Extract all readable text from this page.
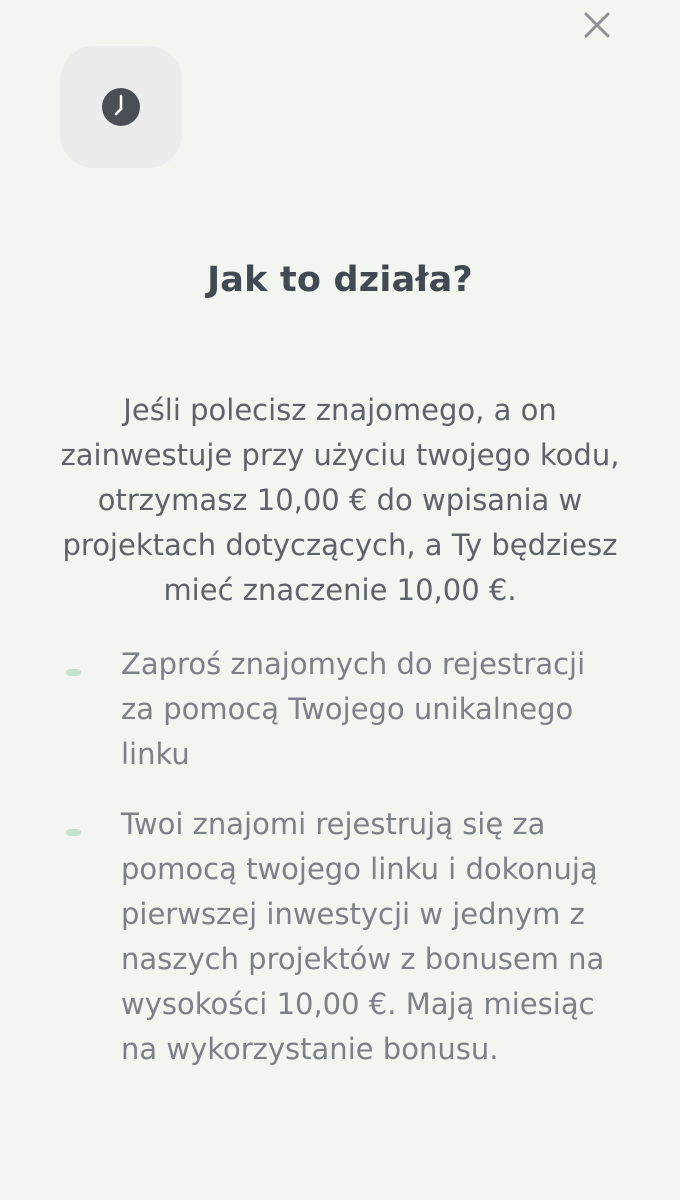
Jak to działa?

Jeśli polecisz znajomego, a on zainwestuje przy użyciu twojego kodu, otrzymasz 10,00 € do wpisania w projektach dotyczących, a Ty będziesz mieć znaczenie 10,00 €.

Zaproś znajomych do rejestracji za pomocą Twojego unikalnego linku
Twoi znajomi rejestrują się za pomocą twojego linku i dokonują pierwszej inwestycji w jednym z naszych projektów z bonusem na wysokości 10,00 €. Mają miesiąc na wykorzystanie bonusu.
